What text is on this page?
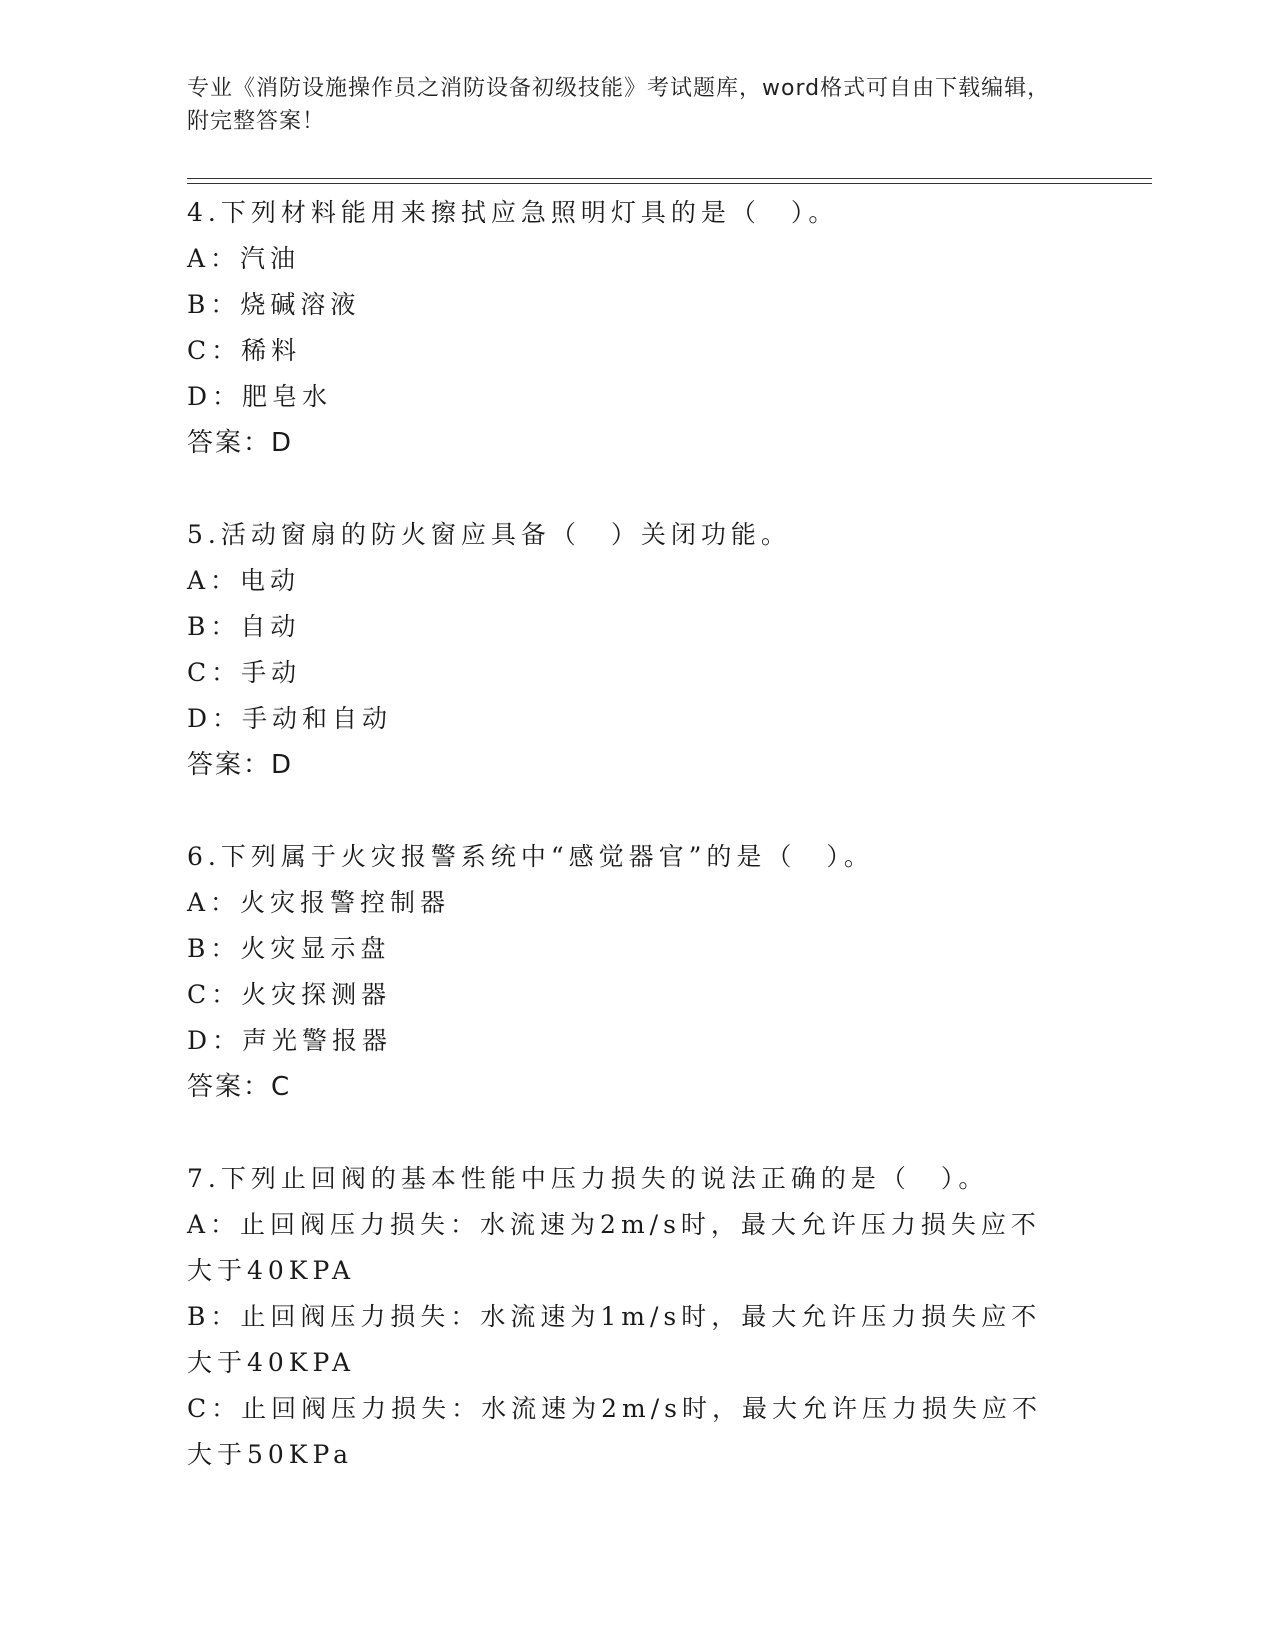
专业《消防设施操作员之消防设备初级技能》考试题库，word格式可自由下载编辑，附完整答案！
4.下列材料能用来擦拭应急照明灯具的是（　）。
A：汽油
B：烧碱溶液
C：稀料
D：肥皂水
答案：D
5.活动窗扇的防火窗应具备（　）关闭功能。
A：电动
B：自动
C：手动
D：手动和自动
答案：D
6.下列属于火灾报警系统中“感觉器官”的是（　）。
A：火灾报警控制器
B：火灾显示盘
C：火灾探测器
D：声光警报器
答案：C
7.下列止回阀的基本性能中压力损失的说法正确的是（　）。
A：止回阀压力损失：水流速为2m/s时，最大允许压力损失应不大于40KPA
B：止回阀压力损失：水流速为1m/s时，最大允许压力损失应不大于40KPA
C：止回阀压力损失：水流速为2m/s时，最大允许压力损失应不大于50KPa
